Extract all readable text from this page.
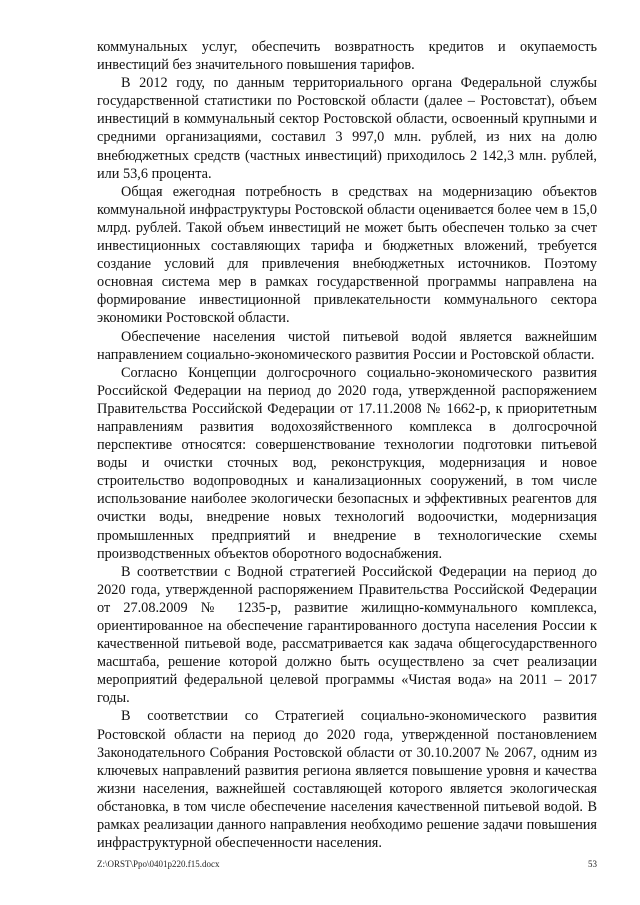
коммунальных услуг, обеспечить возвратность кредитов и окупаемость инвестиций без значительного повышения тарифов.

В 2012 году, по данным территориального органа Федеральной службы государственной статистики по Ростовской области (далее – Ростовстат), объем инвестиций в коммунальный сектор Ростовской области, освоенный крупными и средними организациями, составил 3 997,0 млн. рублей, из них на долю внебюджетных средств (частных инвестиций) приходилось 2 142,3 млн. рублей, или 53,6 процента.

Общая ежегодная потребность в средствах на модернизацию объектов коммунальной инфраструктуры Ростовской области оценивается более чем в 15,0 млрд. рублей. Такой объем инвестиций не может быть обеспечен только за счет инвестиционных составляющих тарифа и бюджетных вложений, требуется создание условий для привлечения внебюджетных источников. Поэтому основная система мер в рамках государственной программы направлена на формирование инвестиционной привлекательности коммунального сектора экономики Ростовской области.

Обеспечение населения чистой питьевой водой является важнейшим направлением социально-экономического развития России и Ростовской области.

Согласно Концепции долгосрочного социально-экономического развития Российской Федерации на период до 2020 года, утвержденной распоряжением Правительства Российской Федерации от 17.11.2008 № 1662-р, к приоритетным направлениям развития водохозяйственного комплекса в долгосрочной перспективе относятся: совершенствование технологии подготовки питьевой воды и очистки сточных вод, реконструкция, модернизация и новое строительство водопроводных и канализационных сооружений, в том числе использование наиболее экологически безопасных и эффективных реагентов для очистки воды, внедрение новых технологий водоочистки, модернизация промышленных предприятий и внедрение в технологические схемы производственных объектов оборотного водоснабжения.

В соответствии с Водной стратегией Российской Федерации на период до 2020 года, утвержденной распоряжением Правительства Российской Федерации от 27.08.2009 № 1235-р, развитие жилищно-коммунального комплекса, ориентированное на обеспечение гарантированного доступа населения России к качественной питьевой воде, рассматривается как задача общегосударственного масштаба, решение которой должно быть осуществлено за счет реализации мероприятий федеральной целевой программы «Чистая вода» на 2011 – 2017 годы.

В соответствии со Стратегией социально-экономического развития Ростовской области на период до 2020 года, утвержденной постановлением Законодательного Собрания Ростовской области от 30.10.2007 № 2067, одним из ключевых направлений развития региона является повышение уровня и качества жизни населения, важнейшей составляющей которого является экологическая обстановка, в том числе обеспечение населения качественной питьевой водой. В рамках реализации данного направления необходимо решение задачи повышения инфраструктурной обеспеченности населения.

Z:\ORST\Ppo\0401p220.f15.docx	53
